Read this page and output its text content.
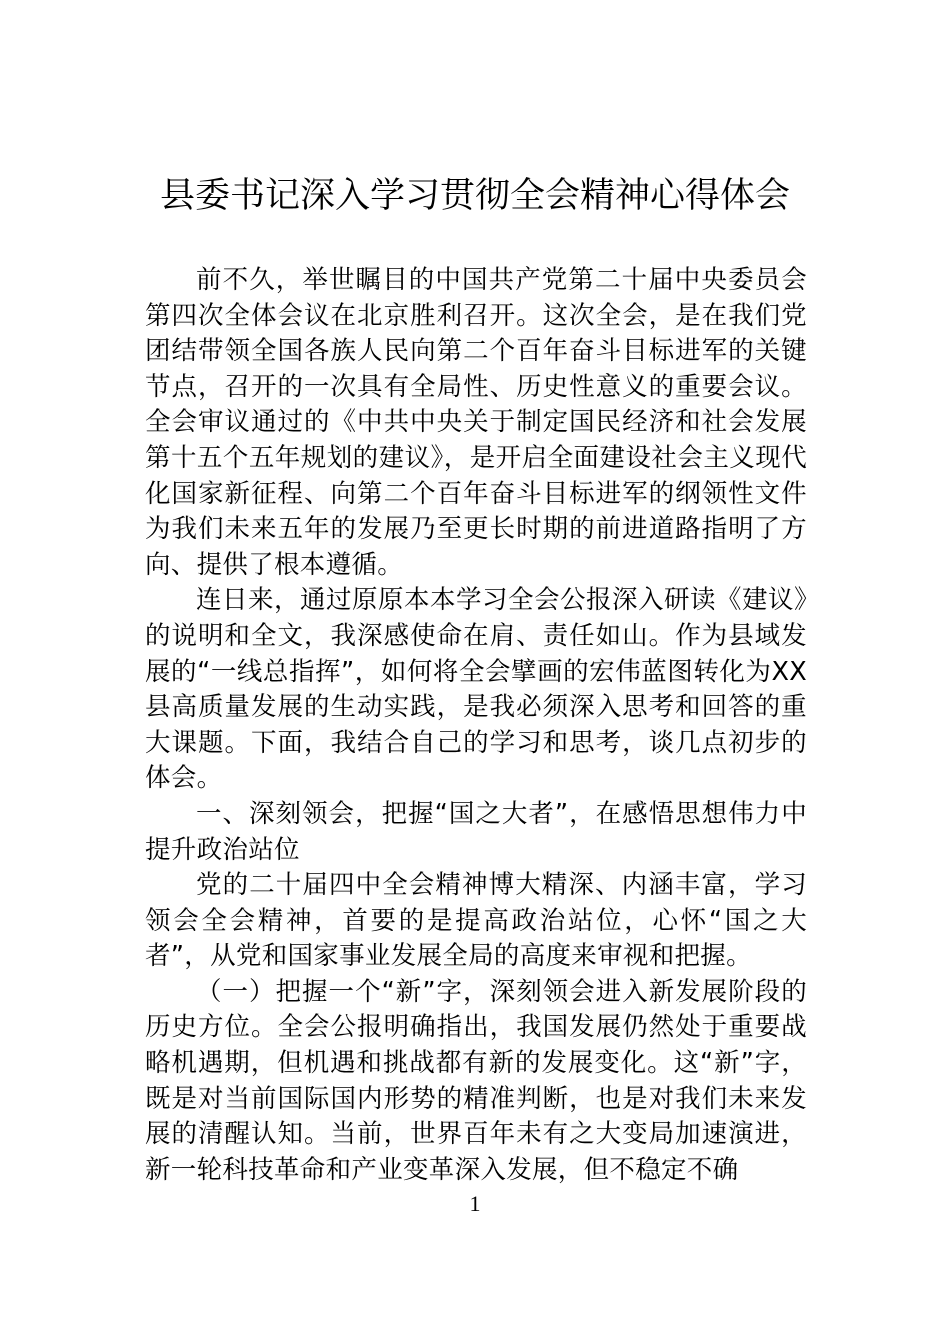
县委书记深入学习贯彻全会精神心得体会

前不久，举世瞩目的中国共产党第二十届中央委员会第四次全体会议在北京胜利召开。这次全会，是在我们党团结带领全国各族人民向第二个百年奋斗目标进军的关键节点，召开的一次具有全局性、历史性意义的重要会议。全会审议通过的《中共中央关于制定国民经济和社会发展第十五个五年规划的建议》，是开启全面建设社会主义现代化国家新征程、向第二个百年奋斗目标进军的纲领性文件为我们未来五年的发展乃至更长时期的前进道路指明了方向、提供了根本遵循。

连日来，通过原原本本学习全会公报深入研读《建议》的说明和全文，我深感使命在肩、责任如山。作为县域发展的“一线总指挥”，如何将全会擘画的宏伟蓝图转化为XX县高质量发展的生动实践，是我必须深入思考和回答的重大课题。下面，我结合自己的学习和思考，谈几点初步的体会。

一、深刻领会，把握“国之大者”，在感悟思想伟力中提升政治站位

党的二十届四中全会精神博大精深、内涵丰富，学习领会全会精神，首要的是提高政治站位，心怀“国之大者”，从党和国家事业发展全局的高度来审视和把握。

（一）把握一个“新”字，深刻领会进入新发展阶段的历史方位。全会公报明确指出，我国发展仍然处于重要战略机遇期，但机遇和挑战都有新的发展变化。这“新”字，既是对当前国际国内形势的精准判断，也是对我们未来发展的清醒认知。当前，世界百年未有之大变局加速演进，新一轮科技革命和产业变革深入发展，但不稳定不确

1
